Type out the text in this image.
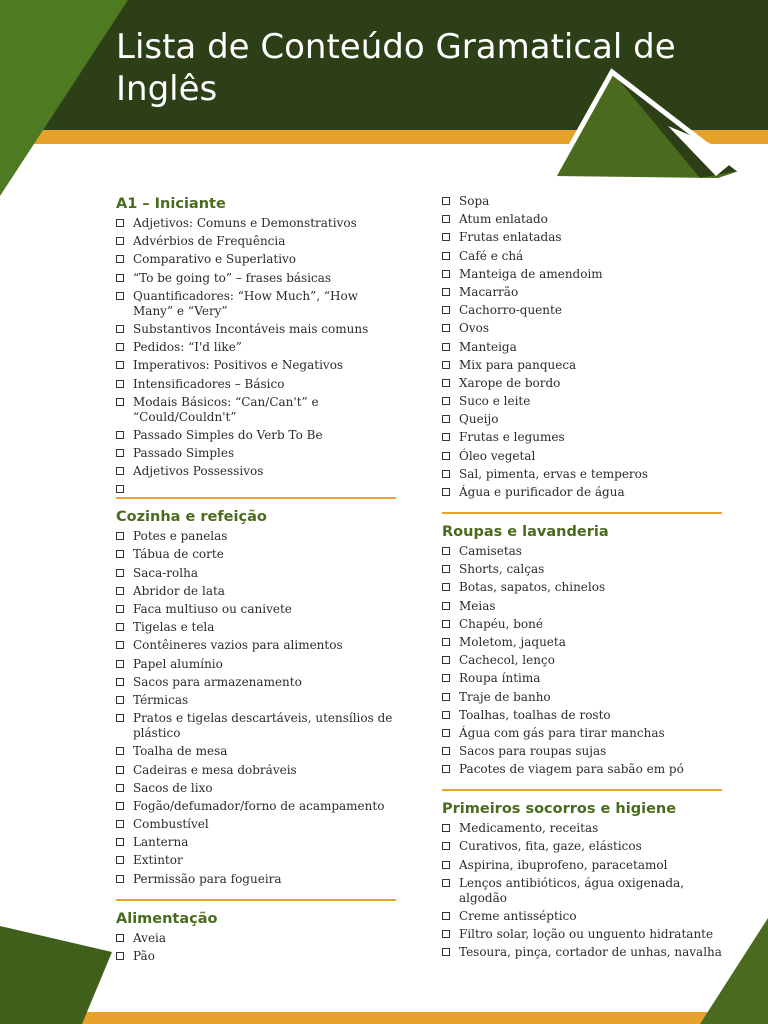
Lista de Conteúdo Gramatical de Inglês
A1 – Iniciante
Adjetivos: Comuns e Demonstrativos
Advérbios de Frequência
Comparativo e Superlativo
“To be going to” – frases básicas
Quantificadores: “How Much”, “How Many” e “Very”
Substantivos Incontáveis mais comuns
Pedidos: “I'd like”
Imperativos: Positivos e Negativos
Intensificadores – Básico
Modais Básicos: “Can/Can't” e “Could/Couldn't”
Passado Simples do Verb To Be
Passado Simples
Adjetivos Possessivos
Cozinha e refeição
Potes e panelas
Tábua de corte
Saca-rolha
Abridor de lata
Faca multiuso ou canivete
Tigelas e tela
Contêineres vazios para alimentos
Papel alumínio
Sacos para armazenamento
Térmicas
Pratos e tigelas descartáveis, utensílios de plástico
Toalha de mesa
Cadeiras e mesa dobráveis
Sacos de lixo
Fogão/defumador/forno de acampamento
Combustível
Lanterna
Extintor
Permissão para fogueira
Alimentação
Aveia
Pão
Sopa
Atum enlatado
Frutas enlatadas
Café e chá
Manteiga de amendoim
Macarrão
Cachorro-quente
Ovos
Manteiga
Mix para panqueca
Xarope de bordo
Suco e leite
Queijo
Frutas e legumes
Óleo vegetal
Sal, pimenta, ervas e temperos
Água e purificador de água
Roupas e lavanderia
Camisetas
Shorts, calças
Botas, sapatos, chinelos
Meias
Chapéu, boné
Moletom, jaqueta
Cachecol, lenço
Roupa íntima
Traje de banho
Toalhas, toalhas de rosto
Água com gás para tirar manchas
Sacos para roupas sujas
Pacotes de viagem para sabão em pó
Primeiros socorros e higiene
Medicamento, receitas
Curativos, fita, gaze, elásticos
Aspirina, ibuprofeno, paracetamol
Lenços antibióticos, água oxigenada, algodão
Creme antisséptico
Filtro solar, loção ou unguento hidratante
Tesoura, pinça, cortador de unhas, navalha
